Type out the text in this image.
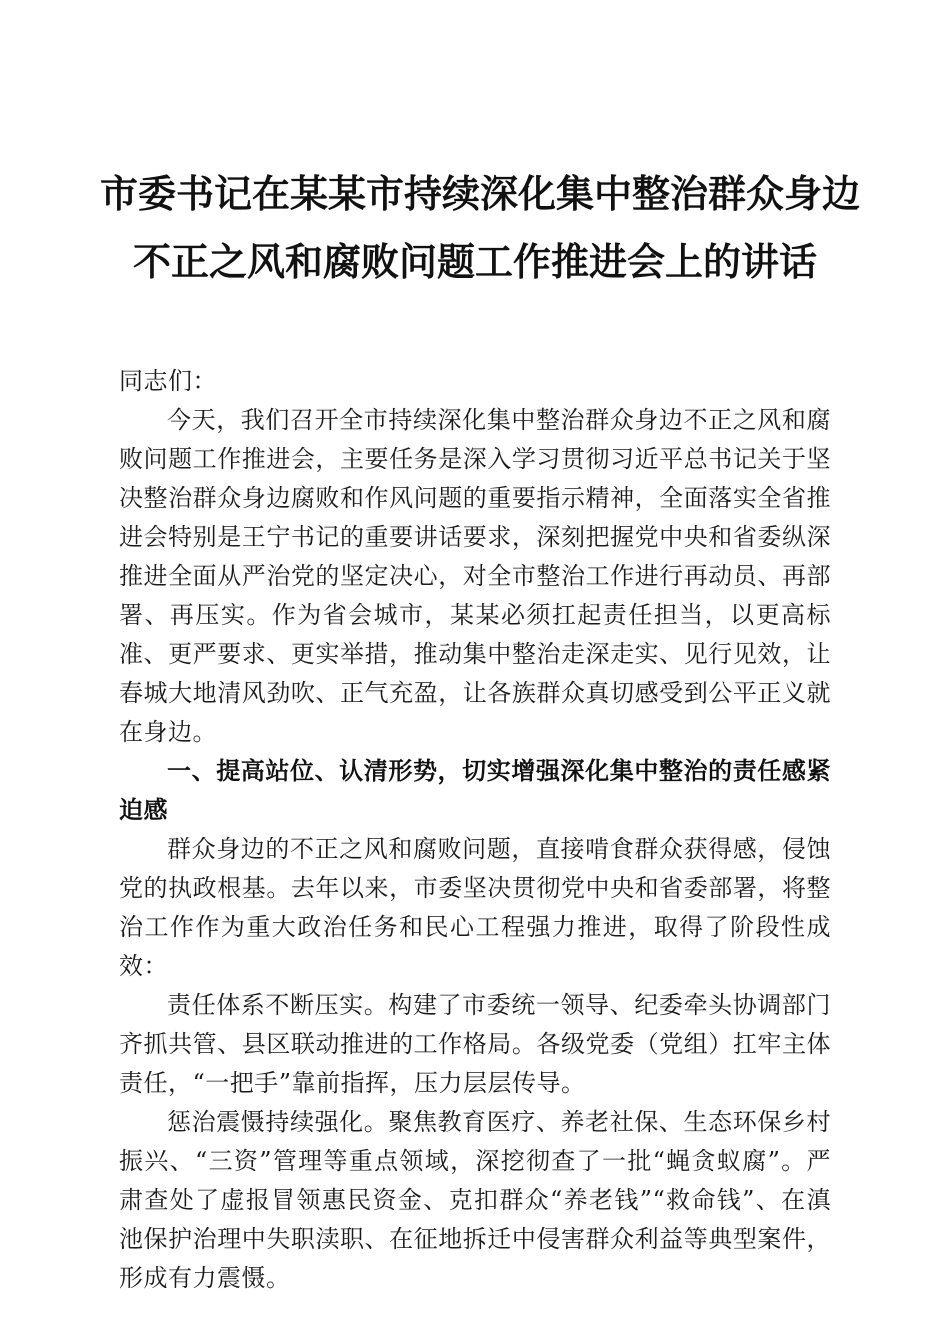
市委书记在某某市持续深化集中整治群众身边
不正之风和腐败问题工作推进会上的讲话

同志们：

今天，我们召开全市持续深化集中整治群众身边不正之风和腐败问题工作推进会，主要任务是深入学习贯彻习近平总书记关于坚决整治群众身边腐败和作风问题的重要指示精神，全面落实全省推进会特别是王宁书记的重要讲话要求，深刻把握党中央和省委纵深推进全面从严治党的坚定决心，对全市整治工作进行再动员、再部署、再压实。作为省会城市，某某必须扛起责任担当，以更高标准、更严要求、更实举措，推动集中整治走深走实、见行见效，让春城大地清风劲吹、正气充盈，让各族群众真切感受到公平正义就在身边。

一、提高站位、认清形势，切实增强深化集中整治的责任感紧迫感

群众身边的不正之风和腐败问题，直接啃食群众获得感，侵蚀党的执政根基。去年以来，市委坚决贯彻党中央和省委部署，将整治工作作为重大政治任务和民心工程强力推进，取得了阶段性成效：

责任体系不断压实。构建了市委统一领导、纪委牵头协调部门齐抓共管、县区联动推进的工作格局。各级党委（党组）扛牢主体责任，“一把手”靠前指挥，压力层层传导。

惩治震慑持续强化。聚焦教育医疗、养老社保、生态环保乡村振兴、“三资”管理等重点领域，深挖彻查了一批“蝇贪蚁腐”。严肃查处了虚报冒领惠民资金、克扣群众“养老钱”“救命钱”、在滇池保护治理中失职渎职、在征地拆迁中侵害群众利益等典型案件，形成有力震慑。
